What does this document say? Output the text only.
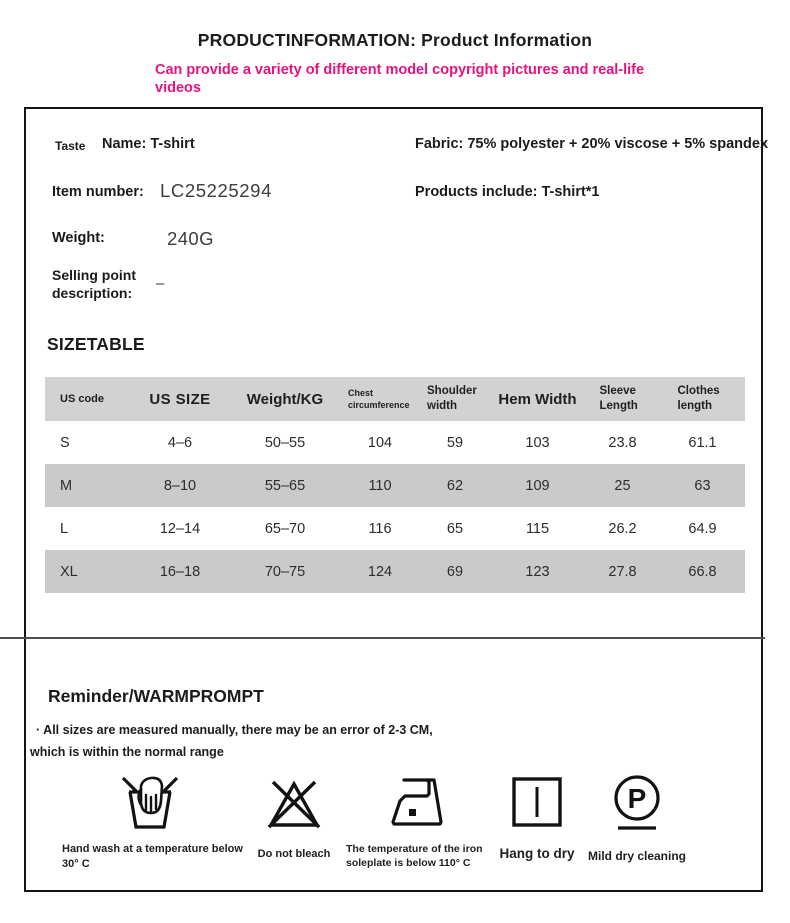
PRODUCTINFORMATION: Product Information
Can provide a variety of different model copyright pictures and real-life videos
Taste Name: T-shirt	Fabric: 75% polyester + 20% viscose + 5% spandex
Item number: LC25225294	Products include: T-shirt*1
Weight:	240G
Selling point description:
–
SIZETABLE
US code	US SIZE	Weight/KG	Chest circumference	Shoulder width	Hem Width	Sleeve Length	Clothes length
S	4–6	50–55	104	59	103	23.8	61.1
M	8–10	55–65	110	62	109	25	63
L	12–14	65–70	116	65	115	26.2	64.9
XL	16–18	70–75	124	69	123	27.8	66.8
Reminder/WARMPROMPT
· All sizes are measured manually, there may be an error of 2-3 CM, which is within the normal range
Hand wash at a temperature below 30° C
Do not bleach	The temperature of the iron soleplate is below 110° C
Hang to dry
P
Mild dry cleaning
